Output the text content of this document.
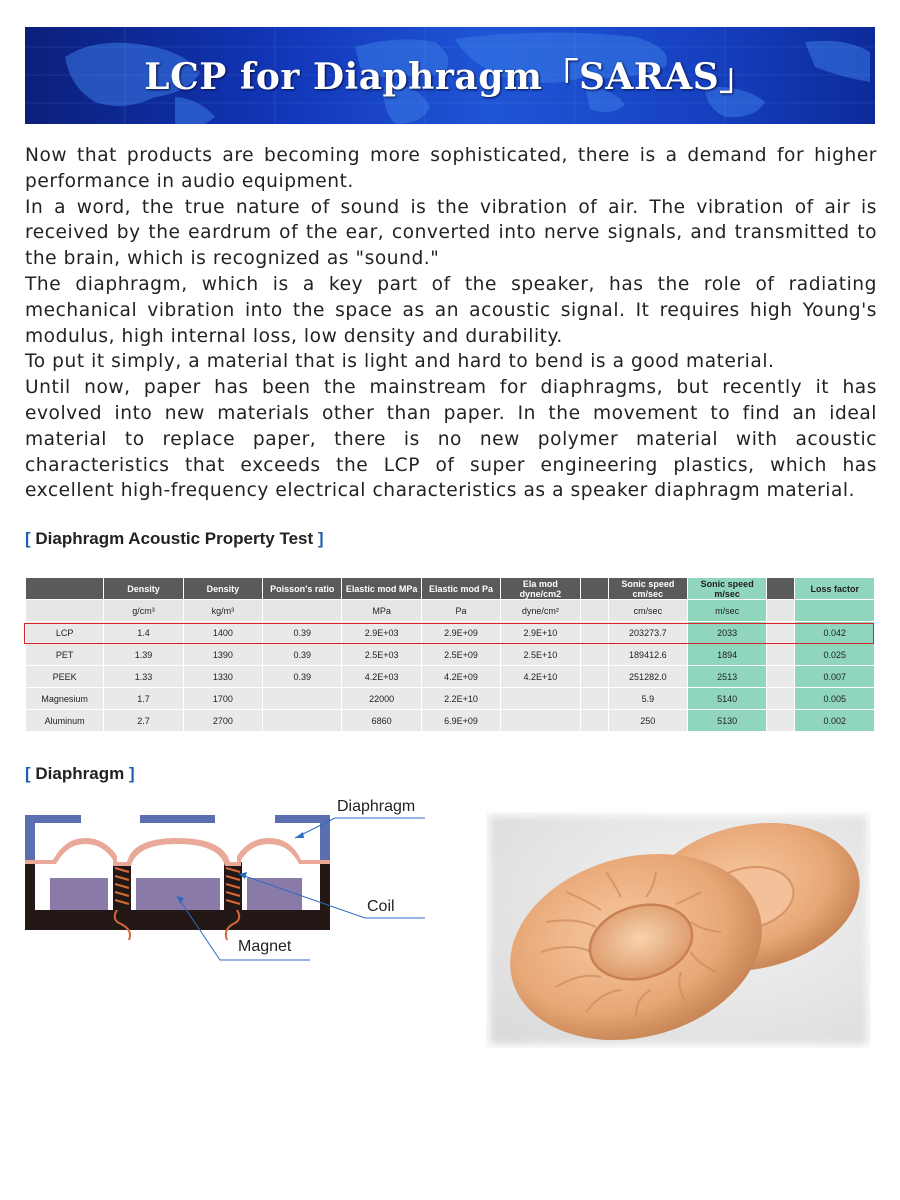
LCP for Diaphragm「SARAS」

Now that products are becoming more sophisticated, there is a demand for higher performance in audio equipment.

In a word, the true nature of sound is the vibration of air. The vibration of air is received by the eardrum of the ear, converted into nerve signals, and transmitted to the brain, which is recognized as "sound."

The diaphragm, which is a key part of the speaker, has the role of radiating mechanical vibration into the space as an acoustic signal. It requires high Young's modulus, high internal loss, low density and durability.

To put it simply, a material that is light and hard to bend is a good material.

Until now, paper has been the mainstream for diaphragms, but recently it has evolved into new materials other than paper. In the movement to find an ideal material to replace paper, there is no new polymer material with acoustic characteristics that exceeds the LCP of super engineering plastics, which has excellent high-frequency electrical characteristics as a speaker diaphragm material.

[ Diaphragm Acoustic Property Test ]
	Density	Density	Poisson's ratio	Elastic mod MPa	Elastic mod Pa	Ela mod dyne/cm2		Sonic speed cm/sec	Sonic speed m/sec		Loss factor
	g/cm³	kg/m³		MPa	Pa	dyne/cm²		cm/sec	m/sec		
LCP	1.4	1400	0.39	2.9E+03	2.9E+09	2.9E+10		203273.7	2033		0.042
PET	1.39	1390	0.39	2.5E+03	2.5E+09	2.5E+10		189412.6	1894		0.025
PEEK	1.33	1330	0.39	4.2E+03	4.2E+09	4.2E+10		251282.0	2513		0.007
Magnesium	1.7	1700		22000	2.2E+10			5.9	5140		0.005
Aluminum	2.7	2700		6860	6.9E+09			250	5130		0.002
[ Diaphragm ]
Diaphragm
Coil
Magnet
